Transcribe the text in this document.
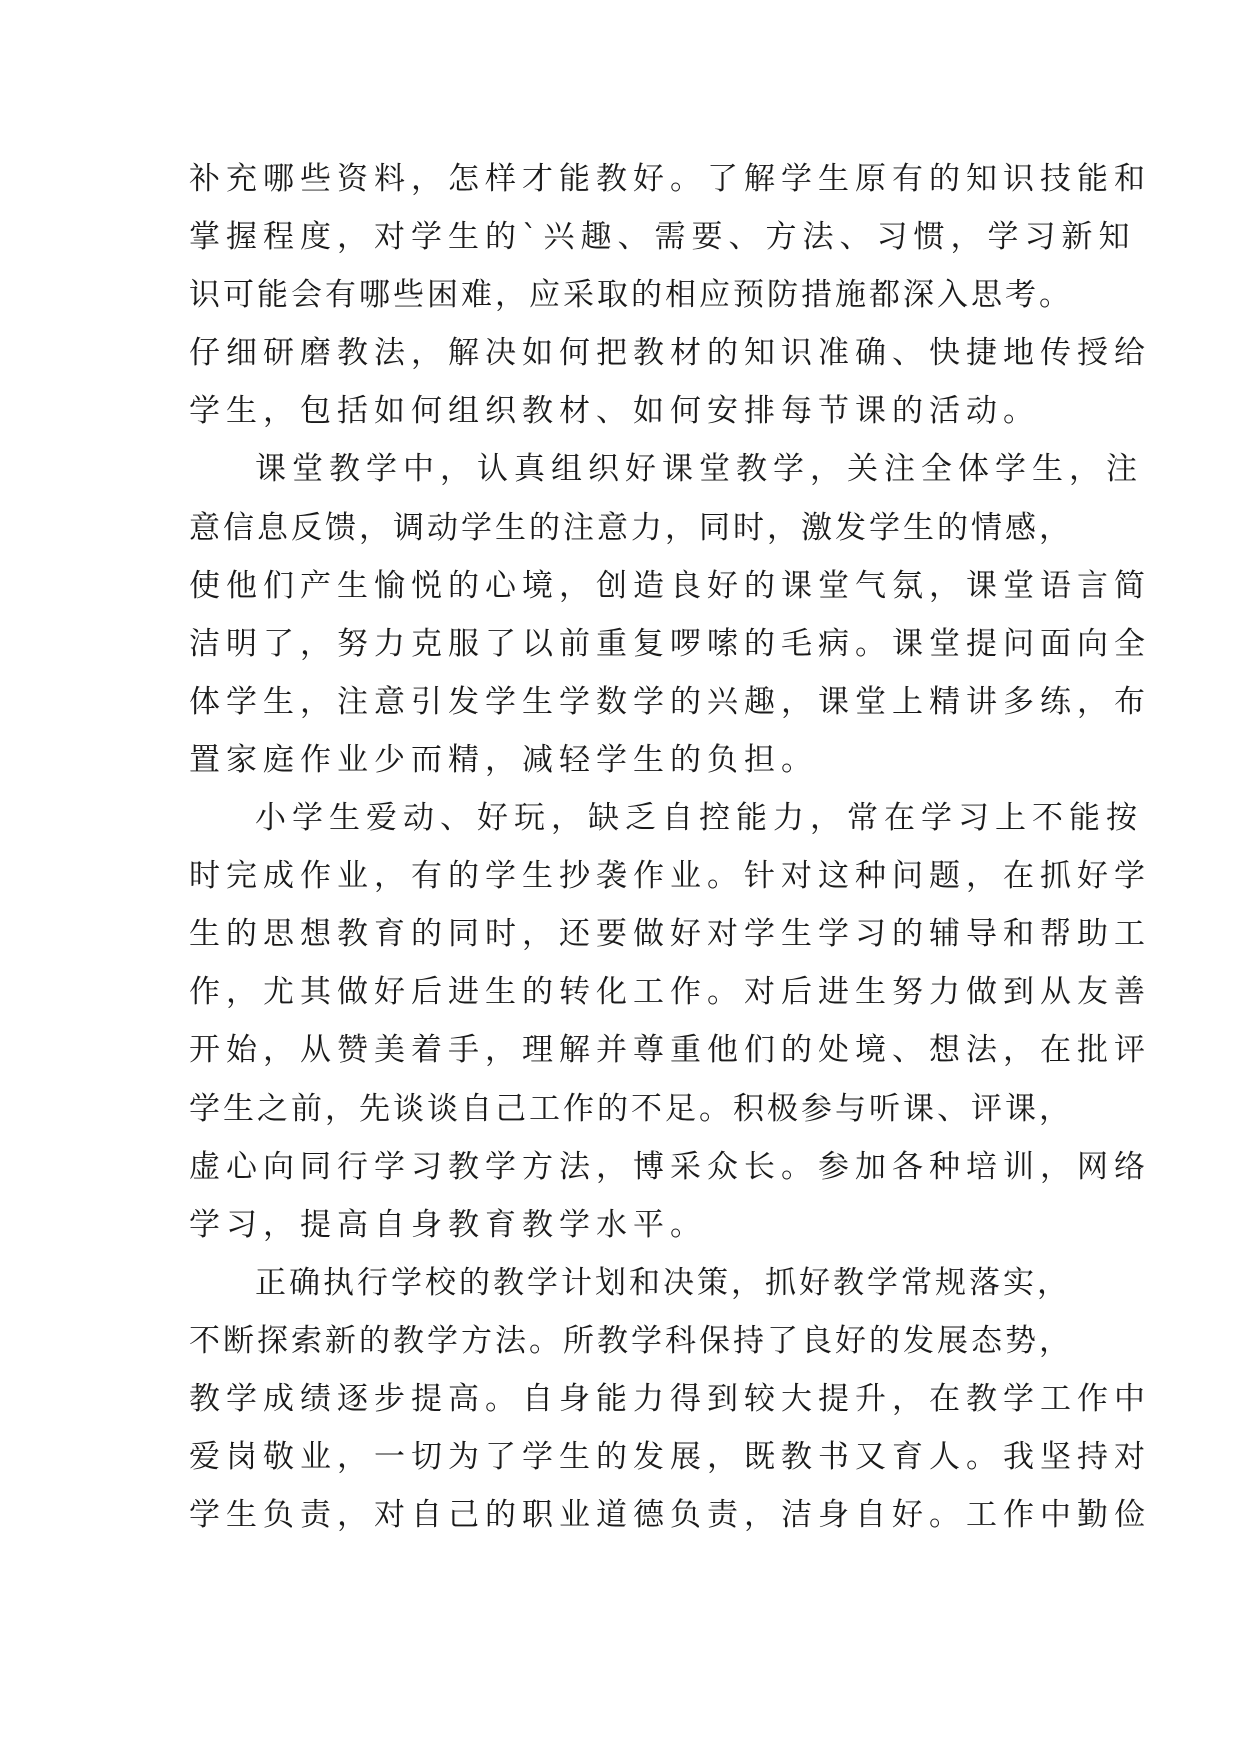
补充哪些资料，怎样才能教好。了解学生原有的知识技能和
掌握程度，对学生的`兴趣、需要、方法、习惯，学习新知
识可能会有哪些困难，应采取的相应预防措施都深入思考。
仔细研磨教法，解决如何把教材的知识准确、快捷地传授给
学生，包括如何组织教材、如何安排每节课的活动。
课堂教学中，认真组织好课堂教学，关注全体学生，注
意信息反馈，调动学生的注意力，同时，激发学生的情感，
使他们产生愉悦的心境，创造良好的课堂气氛，课堂语言简
洁明了，努力克服了以前重复啰嗦的毛病。课堂提问面向全
体学生，注意引发学生学数学的兴趣，课堂上精讲多练，布
置家庭作业少而精，减轻学生的负担。
小学生爱动、好玩，缺乏自控能力，常在学习上不能按
时完成作业，有的学生抄袭作业。针对这种问题，在抓好学
生的思想教育的同时，还要做好对学生学习的辅导和帮助工
作，尤其做好后进生的转化工作。对后进生努力做到从友善
开始，从赞美着手，理解并尊重他们的处境、想法，在批评
学生之前，先谈谈自己工作的不足。积极参与听课、评课，
虚心向同行学习教学方法，博采众长。参加各种培训，网络
学习，提高自身教育教学水平。
正确执行学校的教学计划和决策，抓好教学常规落实，
不断探索新的教学方法。所教学科保持了良好的发展态势，
教学成绩逐步提高。自身能力得到较大提升，在教学工作中
爱岗敬业，一切为了学生的发展，既教书又育人。我坚持对
学生负责，对自己的职业道德负责，洁身自好。工作中勤俭
